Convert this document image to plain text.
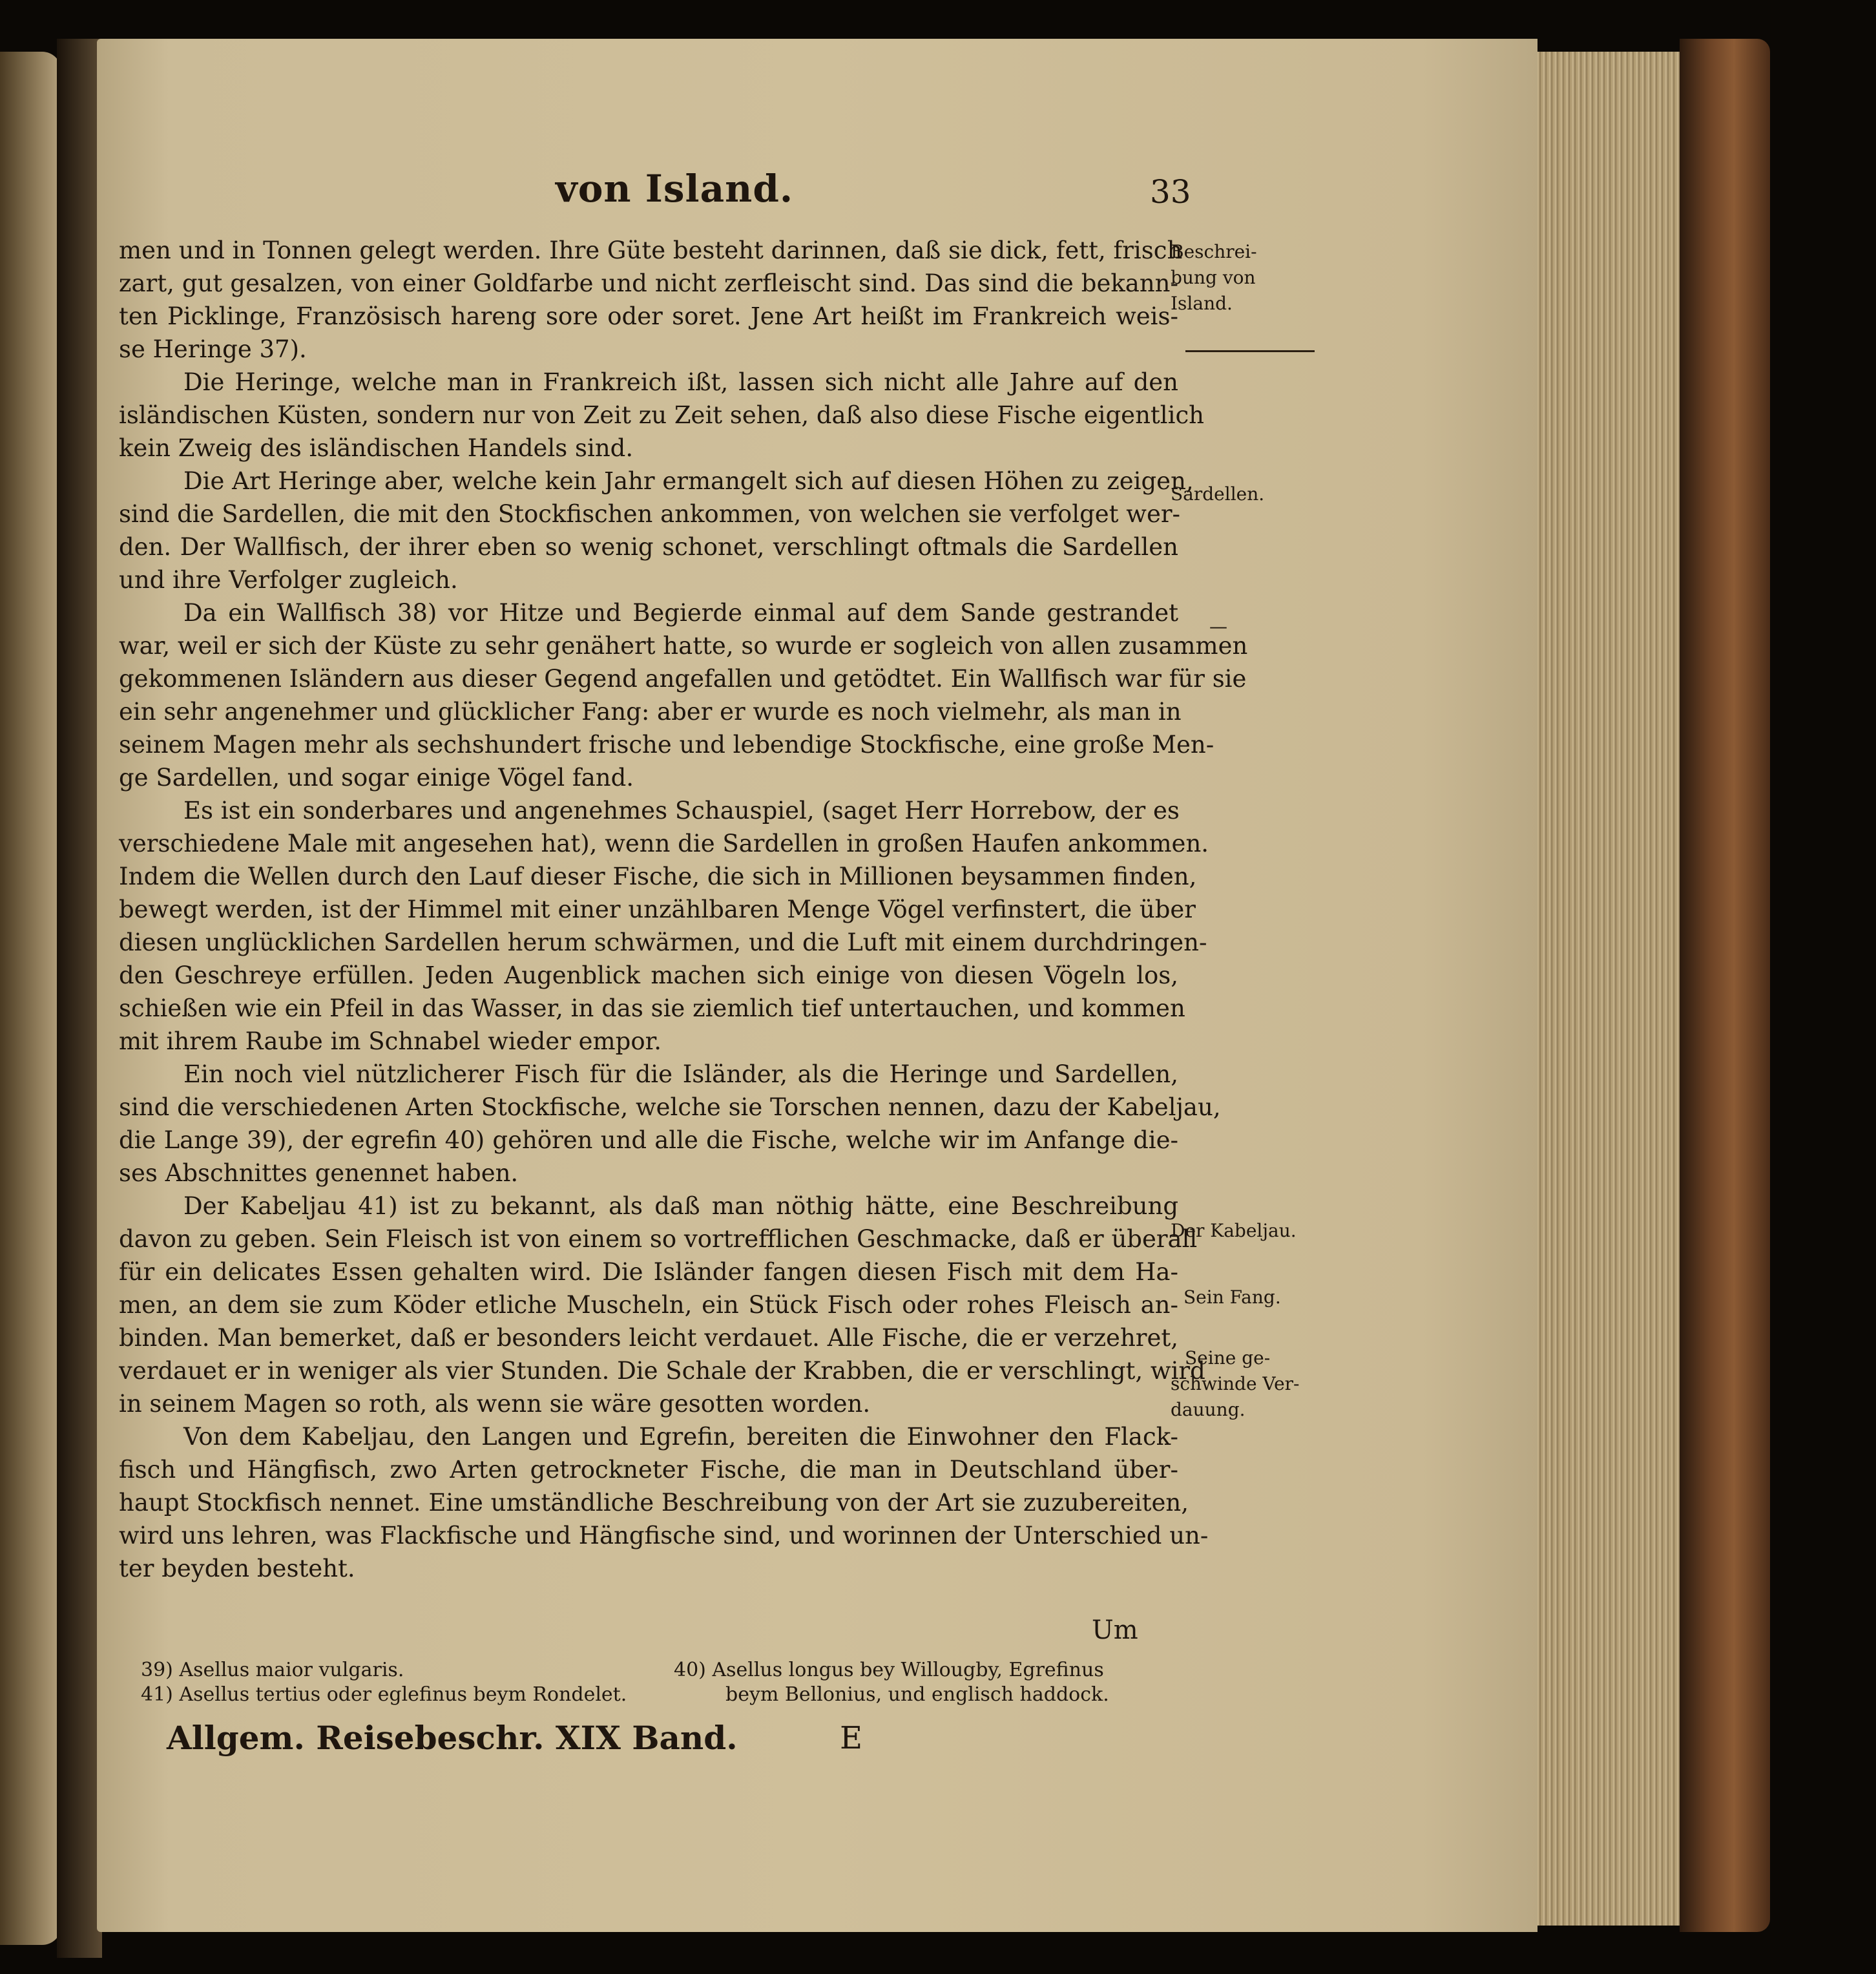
von Island.	33
men und in Tonnen gelegt werden. Ihre Güte besteht darinnen, daß sie dick, fett, frisch
zart, gut gesalzen, von einer Goldfarbe und nicht zerfleischt sind. Das sind die bekann-
ten Picklinge, Französisch hareng sore oder soret. Jene Art heißt im Frankreich weis-
se Heringe 37).
Die Heringe, welche man in Frankreich ißt, lassen sich nicht alle Jahre auf den
isländischen Küsten, sondern nur von Zeit zu Zeit sehen, daß also diese Fische eigentlich
kein Zweig des isländischen Handels sind.
Die Art Heringe aber, welche kein Jahr ermangelt sich auf diesen Höhen zu zeigen,
sind die Sardellen, die mit den Stockfischen ankommen, von welchen sie verfolget wer-
den. Der Wallfisch, der ihrer eben so wenig schonet, verschlingt oftmals die Sardellen
und ihre Verfolger zugleich.
Da ein Wallfisch 38) vor Hitze und Begierde einmal auf dem Sande gestrandet
war, weil er sich der Küste zu sehr genähert hatte, so wurde er sogleich von allen zusammen
gekommenen Isländern aus dieser Gegend angefallen und getödtet. Ein Wallfisch war für sie
ein sehr angenehmer und glücklicher Fang: aber er wurde es noch vielmehr, als man in
seinem Magen mehr als sechshundert frische und lebendige Stockfische, eine große Men-
ge Sardellen, und sogar einige Vögel fand.
Es ist ein sonderbares und angenehmes Schauspiel, (saget Herr Horrebow, der es
verschiedene Male mit angesehen hat), wenn die Sardellen in großen Haufen ankommen.
Indem die Wellen durch den Lauf dieser Fische, die sich in Millionen beysammen finden,
bewegt werden, ist der Himmel mit einer unzählbaren Menge Vögel verfinstert, die über
diesen unglücklichen Sardellen herum schwärmen, und die Luft mit einem durchdringen-
den Geschreye erfüllen. Jeden Augenblick machen sich einige von diesen Vögeln los,
schießen wie ein Pfeil in das Wasser, in das sie ziemlich tief untertauchen, und kommen
mit ihrem Raube im Schnabel wieder empor.
Ein noch viel nützlicherer Fisch für die Isländer, als die Heringe und Sardellen,
sind die verschiedenen Arten Stockfische, welche sie Torschen nennen, dazu der Kabeljau,
die Lange 39), der egrefin 40) gehören und alle die Fische, welche wir im Anfange die-
ses Abschnittes genennet haben.
Der Kabeljau 41) ist zu bekannt, als daß man nöthig hätte, eine Beschreibung
davon zu geben. Sein Fleisch ist von einem so vortrefflichen Geschmacke, daß er überall
für ein delicates Essen gehalten wird. Die Isländer fangen diesen Fisch mit dem Ha-
men, an dem sie zum Köder etliche Muscheln, ein Stück Fisch oder rohes Fleisch an-
binden. Man bemerket, daß er besonders leicht verdauet. Alle Fische, die er verzehret,
verdauet er in weniger als vier Stunden. Die Schale der Krabben, die er verschlingt, wird
in seinem Magen so roth, als wenn sie wäre gesotten worden.
Von dem Kabeljau, den Langen und Egrefin, bereiten die Einwohner den Flack-
fisch und Hängfisch, zwo Arten getrockneter Fische, die man in Deutschland über-
haupt Stockfisch nennet. Eine umständliche Beschreibung von der Art sie zuzubereiten,
wird uns lehren, was Flackfische und Hängfische sind, und worinnen der Unterschied un-
ter beyden besteht.
Beschrei-
bung von
Island.
Sardellen.
—
Der Kabeljau.
Sein Fang.
Seine ge-
schwinde Ver-
dauung.
Um
39) Asellus maior vulgaris.
41) Asellus tertius oder eglefinus beym Rondelet.
40) Asellus longus bey Willougby, Egrefinus
beym Bellonius, und englisch haddock.
Allgem. Reisebeschr. XIX Band.	E
